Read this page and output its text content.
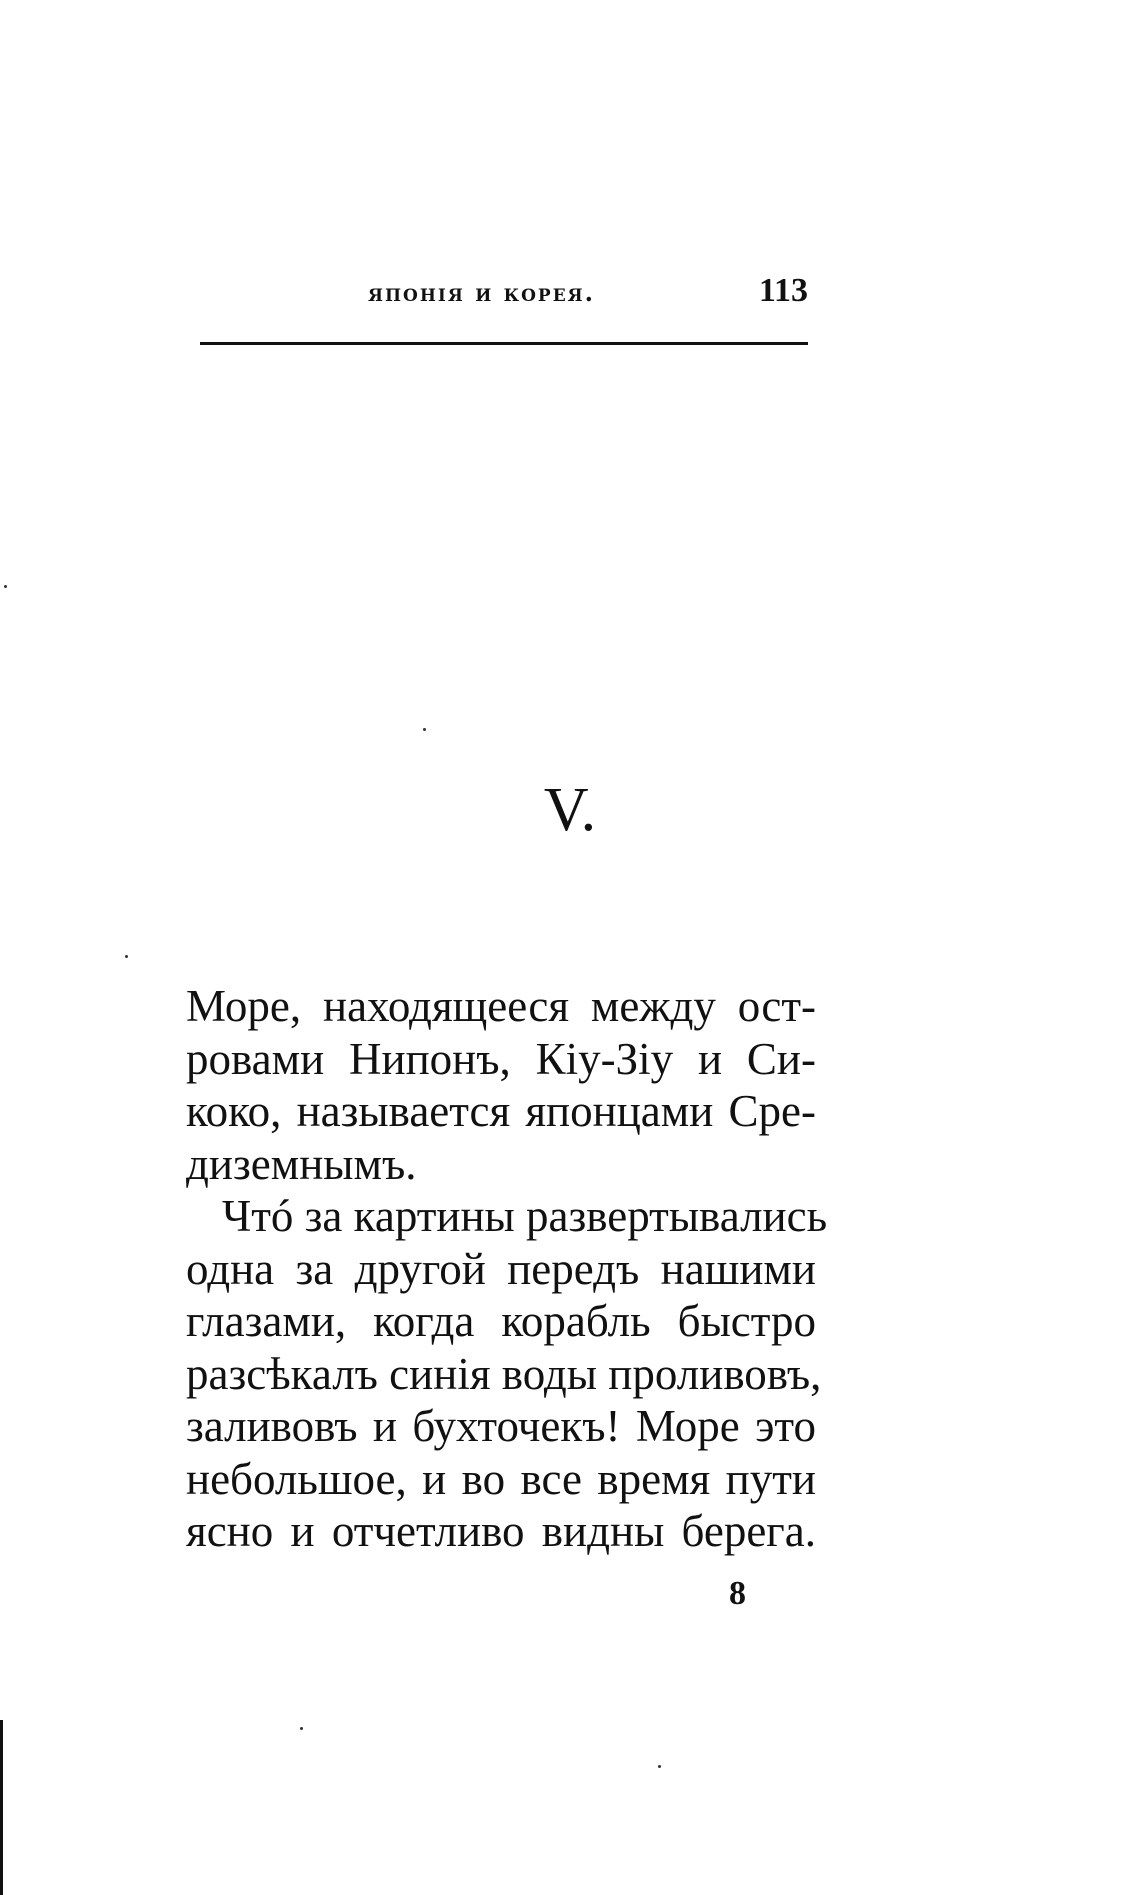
японія и корея.	113
V.
Море, находящееся между ост-
ровами Нипонъ, Кіу-Зіу и Си-
коко, называется японцами Сре-
диземнымъ.
Чтó за картины развертывались
одна за другой передъ нашими
глазами, когда корабль быстро
разсѣкалъ синія воды проливовъ,
заливовъ и бухточекъ! Море это
небольшое, и во все время пути
ясно и отчетливо видны берега.
8
